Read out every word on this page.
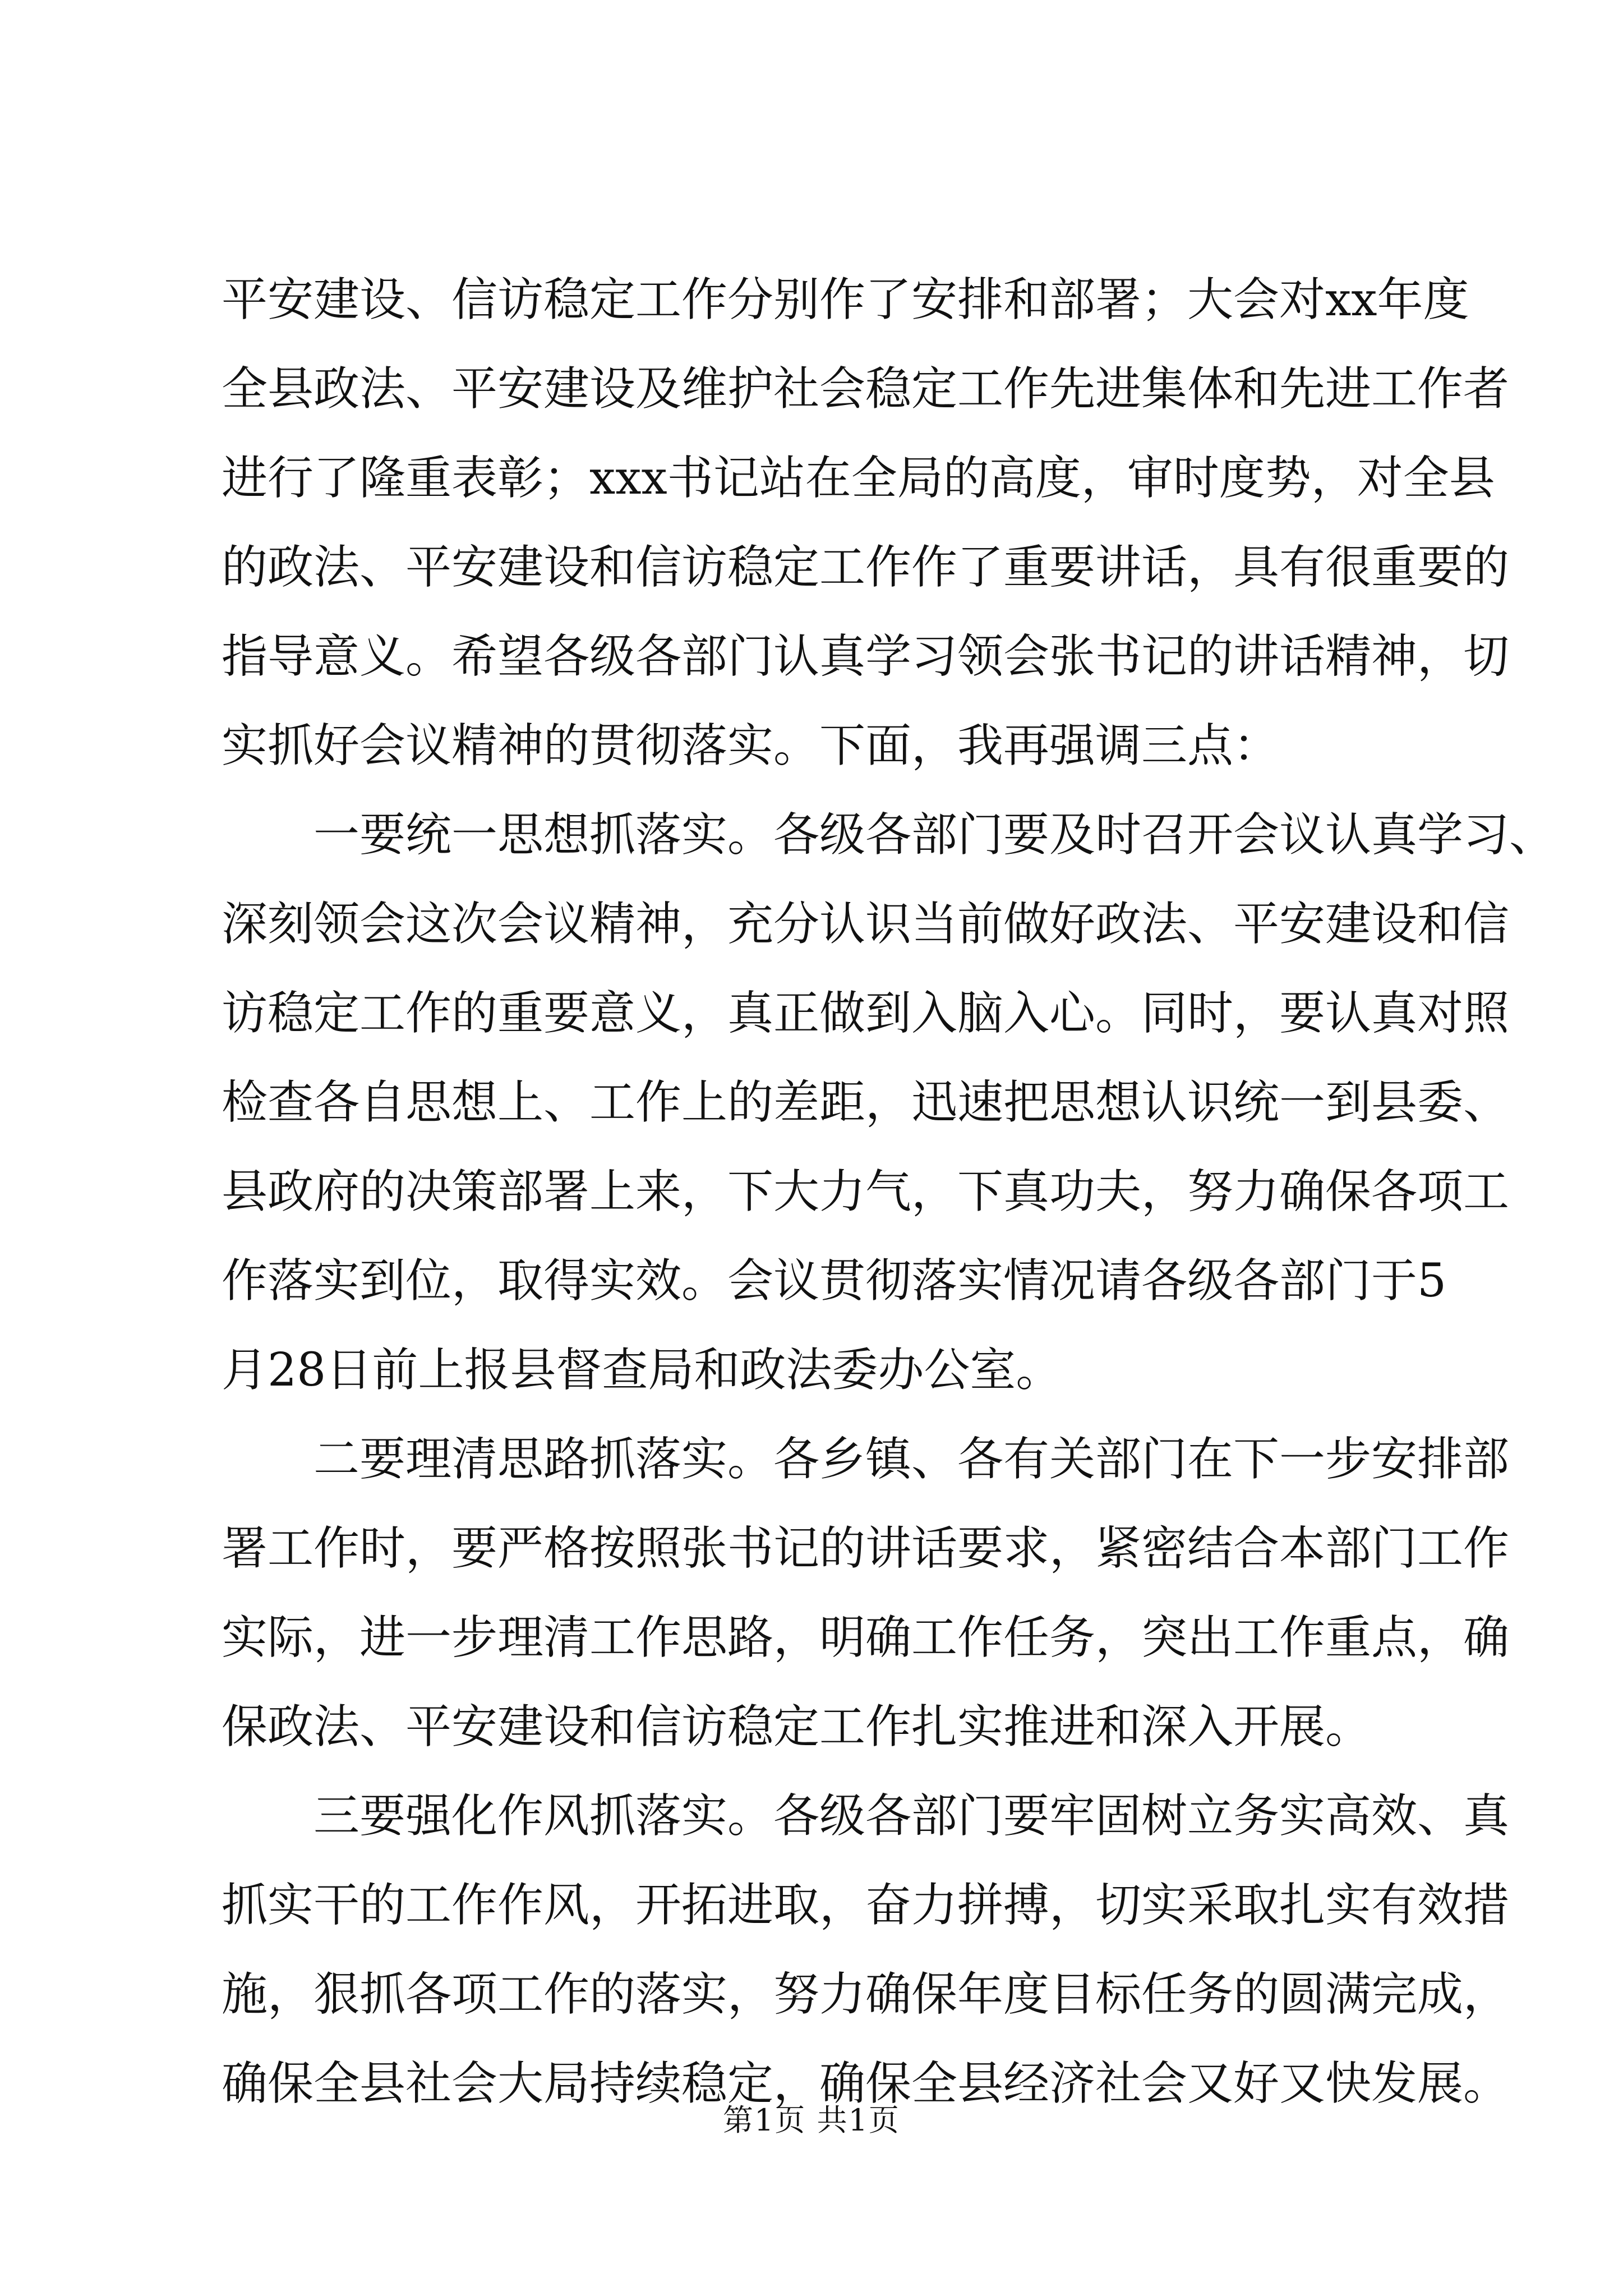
平安建设、信访稳定工作分别作了安排和部署；大会对xx年度
全县政法、平安建设及维护社会稳定工作先进集体和先进工作者
进行了隆重表彰；xxx书记站在全局的高度，审时度势，对全县
的政法、平安建设和信访稳定工作作了重要讲话，具有很重要的
指导意义。希望各级各部门认真学习领会张书记的讲话精神，切
实抓好会议精神的贯彻落实。下面，我再强调三点：
一要统一思想抓落实。各级各部门要及时召开会议认真学习、
深刻领会这次会议精神，充分认识当前做好政法、平安建设和信
访稳定工作的重要意义，真正做到入脑入心。同时，要认真对照
检查各自思想上、工作上的差距，迅速把思想认识统一到县委、
县政府的决策部署上来，下大力气，下真功夫，努力确保各项工
作落实到位，取得实效。会议贯彻落实情况请各级各部门于5
月28日前上报县督查局和政法委办公室。
二要理清思路抓落实。各乡镇、各有关部门在下一步安排部
署工作时，要严格按照张书记的讲话要求，紧密结合本部门工作
实际，进一步理清工作思路，明确工作任务，突出工作重点，确
保政法、平安建设和信访稳定工作扎实推进和深入开展。
三要强化作风抓落实。各级各部门要牢固树立务实高效、真
抓实干的工作作风，开拓进取，奋力拼搏，切实采取扎实有效措
施，狠抓各项工作的落实，努力确保年度目标任务的圆满完成，
确保全县社会大局持续稳定，确保全县经济社会又好又快发展。
第1页 共1页
